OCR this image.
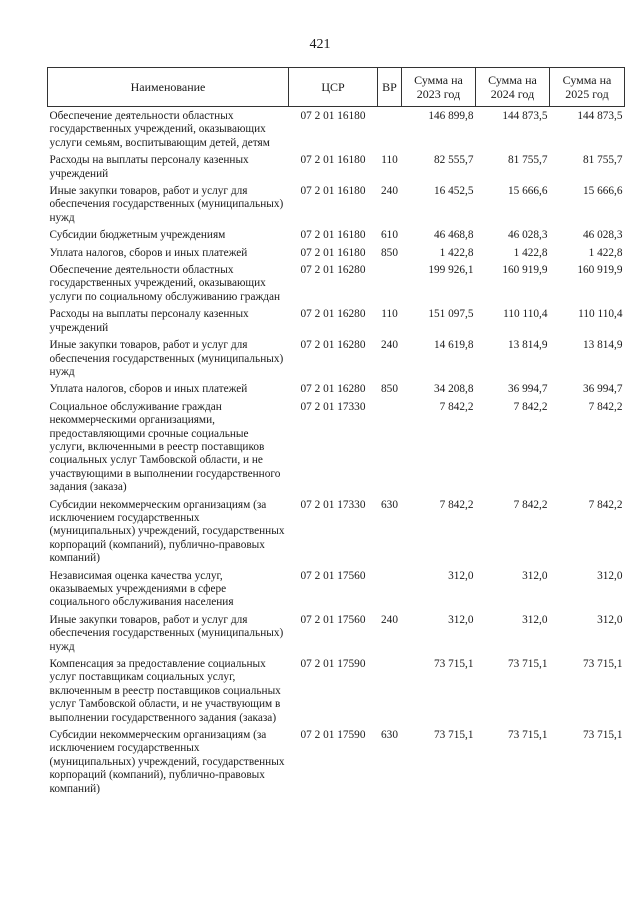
421
Наименование	ЦСР	ВР	Сумма на 2023 год	Сумма на 2024 год	Сумма на 2025 год
Обеспечение деятельности областных государственных учреждений, оказывающих услуги семьям, воспитывающим детей, детям	07 2 01 16180		146 899,8	144 873,5	144 873,5
Расходы на выплаты персоналу казенных учреждений	07 2 01 16180	110	82 555,7	81 755,7	81 755,7
Иные закупки товаров, работ и услуг для обеспечения государственных (муниципальных) нужд	07 2 01 16180	240	16 452,5	15 666,6	15 666,6
Субсидии бюджетным учреждениям	07 2 01 16180	610	46 468,8	46 028,3	46 028,3
Уплата налогов, сборов и иных платежей	07 2 01 16180	850	1 422,8	1 422,8	1 422,8
Обеспечение деятельности областных государственных учреждений, оказывающих услуги по социальному обслуживанию граждан	07 2 01 16280		199 926,1	160 919,9	160 919,9
Расходы на выплаты персоналу казенных учреждений	07 2 01 16280	110	151 097,5	110 110,4	110 110,4
Иные закупки товаров, работ и услуг для обеспечения государственных (муниципальных) нужд	07 2 01 16280	240	14 619,8	13 814,9	13 814,9
Уплата налогов, сборов и иных платежей	07 2 01 16280	850	34 208,8	36 994,7	36 994,7
Социальное обслуживание граждан некоммерческими организациями, предоставляющими срочные социальные услуги, включенными в реестр поставщиков социальных услуг Тамбовской области, и не участвующими в выполнении государственного задания (заказа)	07 2 01 17330		7 842,2	7 842,2	7 842,2
Субсидии некоммерческим организациям (за исключением государственных (муниципальных) учреждений, государственных корпораций (компаний), публично-правовых компаний)	07 2 01 17330	630	7 842,2	7 842,2	7 842,2
Независимая оценка качества услуг, оказываемых учреждениями в сфере социального обслуживания населения	07 2 01 17560		312,0	312,0	312,0
Иные закупки товаров, работ и услуг для обеспечения государственных (муниципальных) нужд	07 2 01 17560	240	312,0	312,0	312,0
Компенсация за предоставление социальных услуг поставщикам социальных услуг, включенным в реестр поставщиков социальных услуг Тамбовской области, и не участвующим в выполнении государственного задания (заказа)	07 2 01 17590		73 715,1	73 715,1	73 715,1
Субсидии некоммерческим организациям (за исключением государственных (муниципальных) учреждений, государственных корпораций (компаний), публично-правовых компаний)	07 2 01 17590	630	73 715,1	73 715,1	73 715,1
